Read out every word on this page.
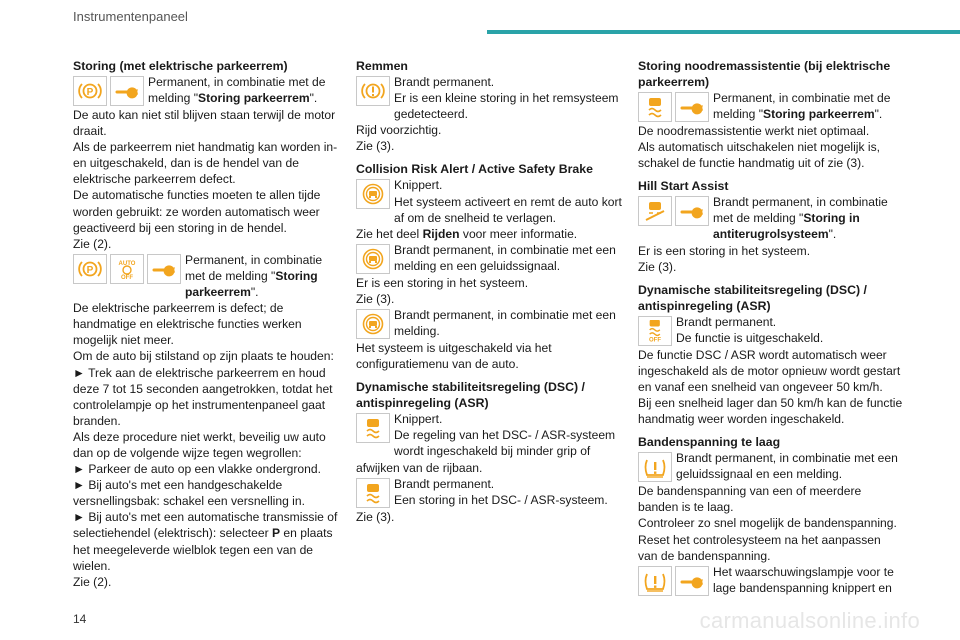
Instrumentenpaneel

Storing (met elektrische parkeerrem)

Permanent, in combinatie met de melding "Storing parkeerrem".

De auto kan niet stil blijven staan terwijl de motor draait.

Als de parkeerrem niet handmatig kan worden in- en uitgeschakeld, dan is de hendel van de elektrische parkeerrem defect.

De automatische functies moeten te allen tijde worden gebruikt: ze worden automatisch weer geactiveerd bij een storing in de hendel.

Zie (2).

AUTO
OFF
Permanent, in combinatie met de melding "Storing parkeerrem".

De elektrische parkeerrem is defect; de handmatige en elektrische functies werken mogelijk niet meer.

Om de auto bij stilstand op zijn plaats te houden:

► Trek aan de elektrische parkeerrem en houd deze 7 tot 15 seconden aangetrokken, totdat het controlelampje op het instrumentenpaneel gaat branden.

Als deze procedure niet werkt, beveilig uw auto dan op de volgende wijze tegen wegrollen:

► Parkeer de auto op een vlakke ondergrond.

► Bij auto's met een handgeschakelde versnellingsbak: schakel een versnelling in.

► Bij auto's met een automatische transmissie of selectiehendel (elektrisch): selecteer P en plaats het meegeleverde wielblok tegen een van de wielen.

Zie (2).

Remmen

Brandt permanent.
Er is een kleine storing in het remsysteem gedetecteerd.

Rijd voorzichtig.

Zie (3).

Collision Risk Alert / Active Safety Brake

Knippert.
Het systeem activeert en remt de auto kort af om de snelheid te verlagen.

Zie het deel Rijden voor meer informatie.

Brandt permanent, in combinatie met een melding en een geluidssignaal.

Er is een storing in het systeem.

Zie (3).

Brandt permanent, in combinatie met een melding.

Het systeem is uitgeschakeld via het configuratiemenu van de auto.

Dynamische stabiliteitsregeling (DSC) / antispinregeling (ASR)

Knippert.
De regeling van het DSC- / ASR-systeem wordt ingeschakeld bij minder grip of afwijken van de rijbaan.
Brandt permanent.
Een storing in het DSC- / ASR-systeem.

Zie (3).

Storing noodremassistentie (bij elektrische parkeerrem)

Permanent, in combinatie met de melding "Storing parkeerrem".

De noodremassistentie werkt niet optimaal.

Als automatisch uitschakelen niet mogelijk is, schakel de functie handmatig uit of zie (3).

Hill Start Assist

Brandt permanent, in combinatie met de melding "Storing in antiterugrolsysteem".

Er is een storing in het systeem.

Zie (3).

Dynamische stabiliteitsregeling (DSC) / antispinregeling (ASR)

OFF
Brandt permanent.
De functie is uitgeschakeld.

De functie DSC / ASR wordt automatisch weer ingeschakeld als de motor opnieuw wordt gestart en vanaf een snelheid van ongeveer 50 km/h.

Bij een snelheid lager dan 50 km/h kan de functie handmatig weer worden ingeschakeld.

Bandenspanning te laag

Brandt permanent, in combinatie met een geluidssignaal en een melding.

De bandenspanning van een of meerdere banden is te laag.

Controleer zo snel mogelijk de bandenspanning.

Reset het controlesysteem na het aanpassen van de bandenspanning.

Het waarschuwingslampje voor te lage bandenspanning knippert en
14	carmanualsonline.info
